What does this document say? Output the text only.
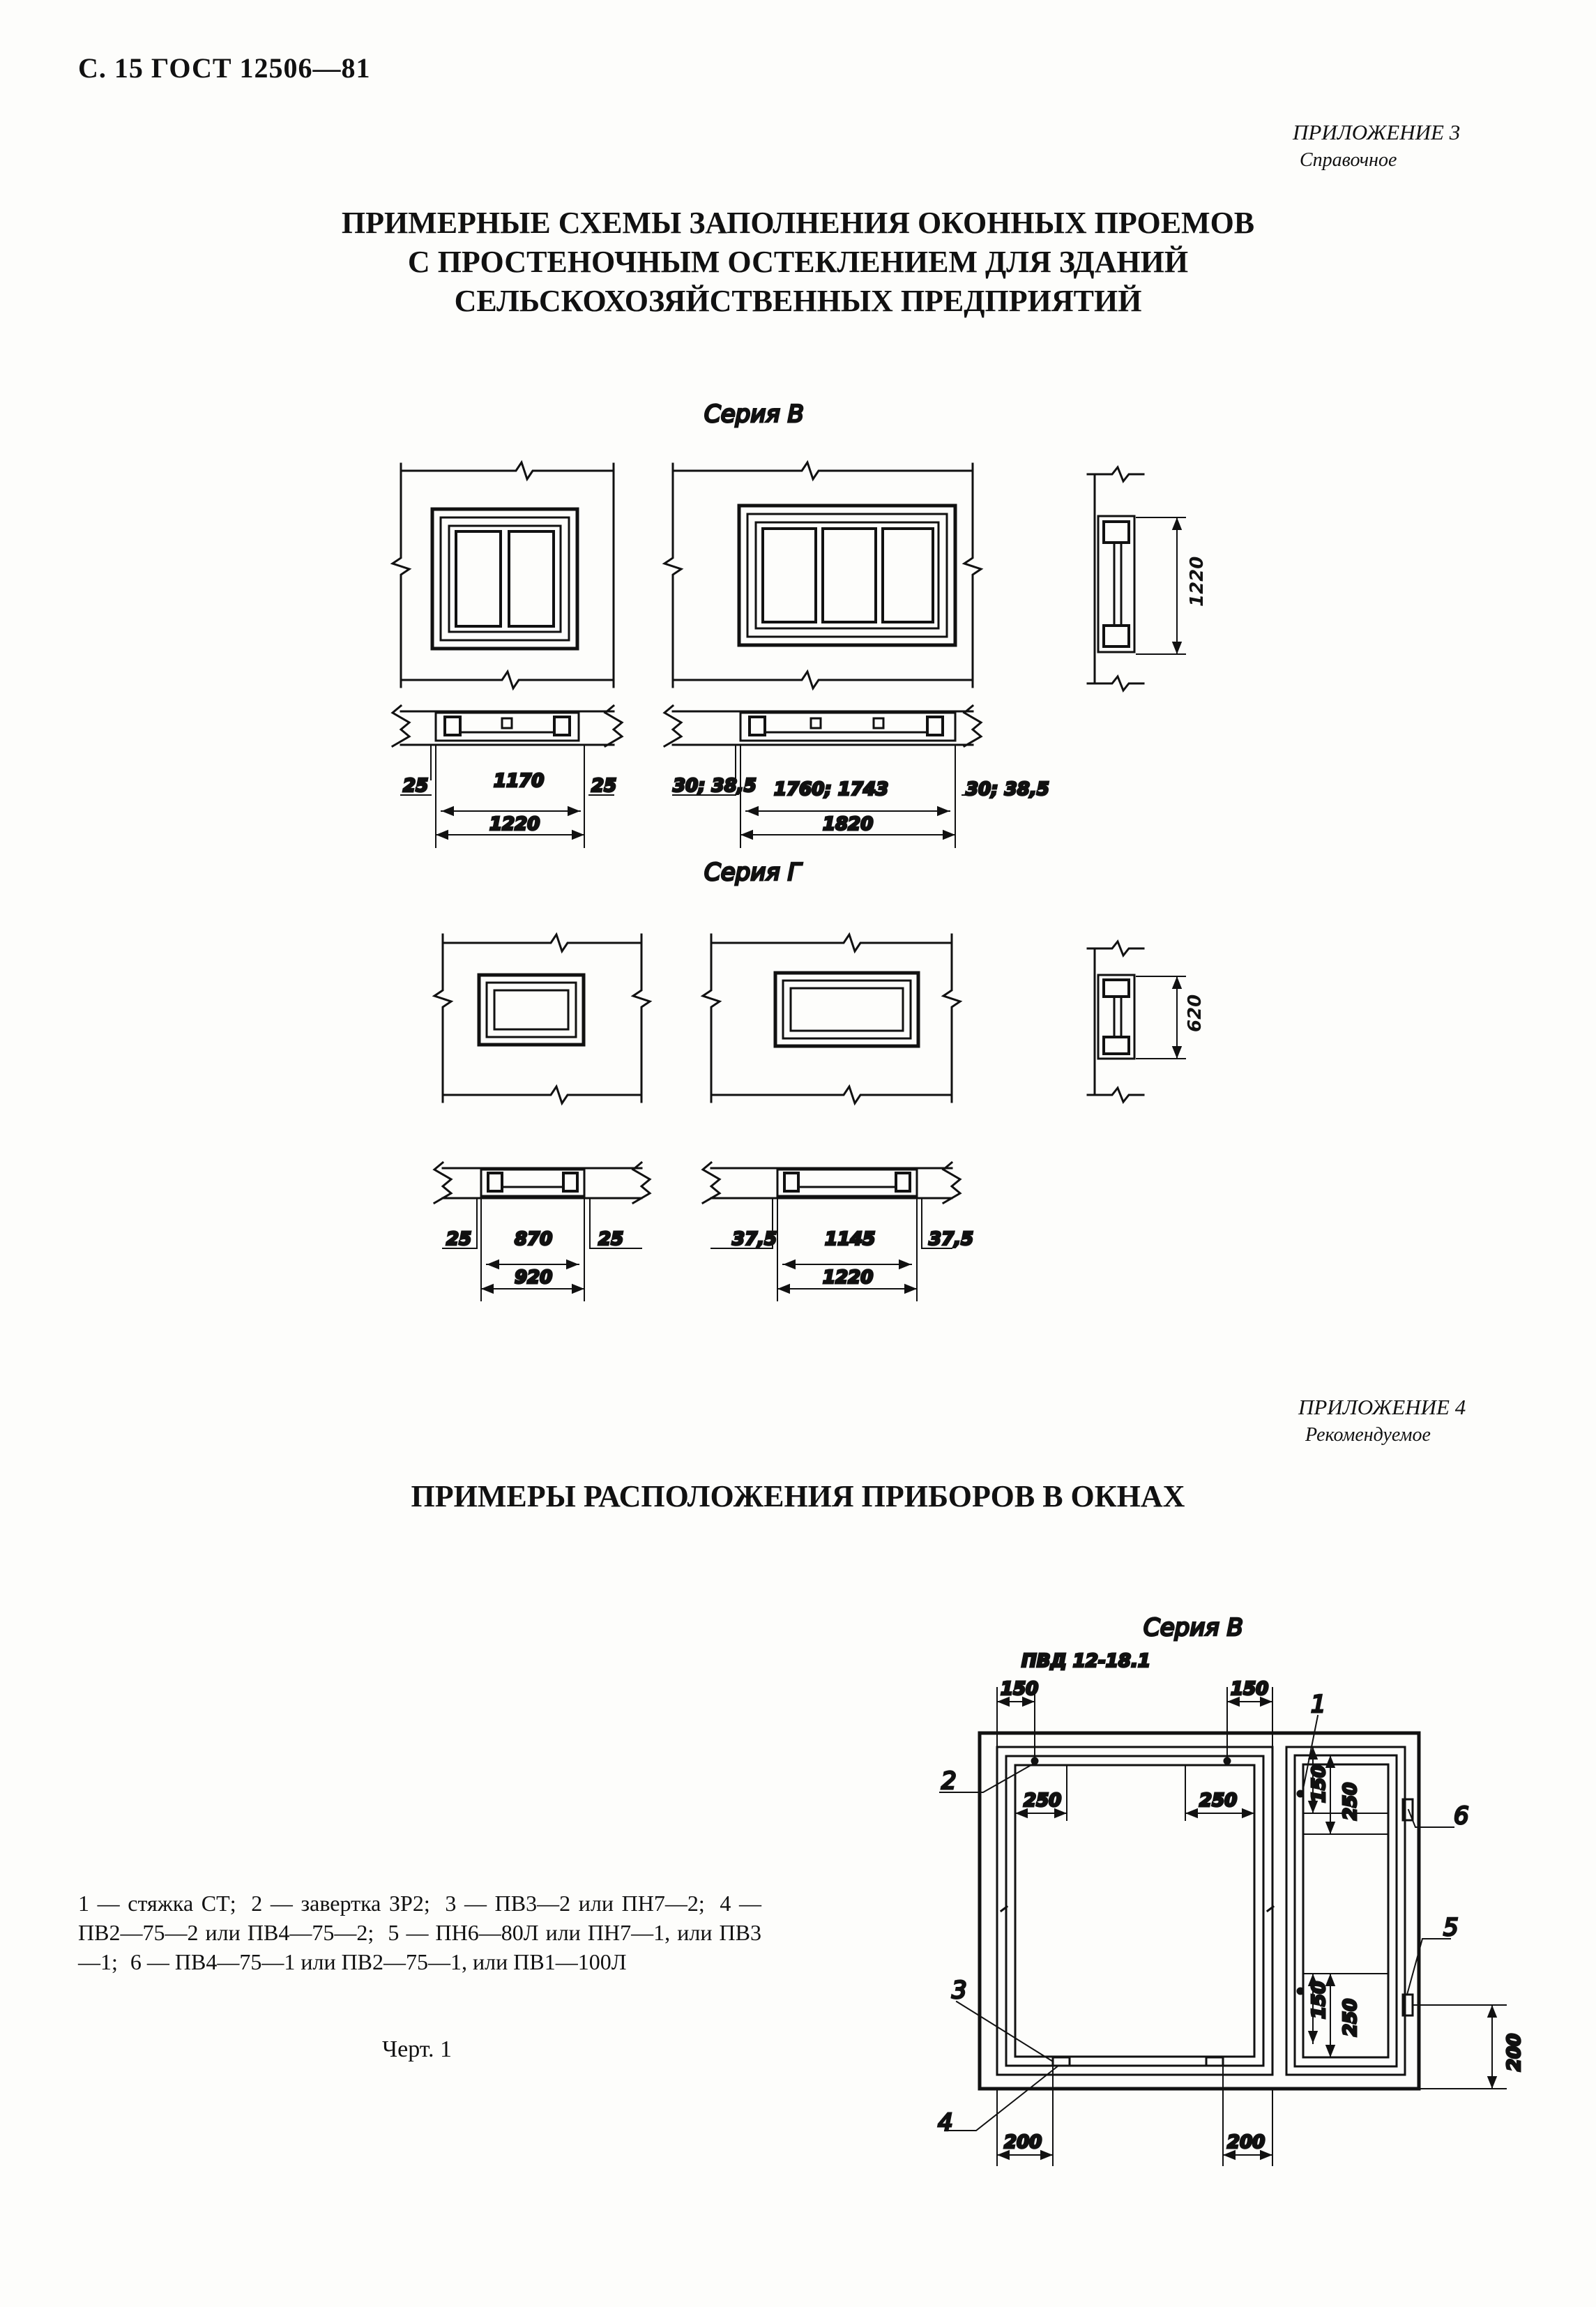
С. 15 ГОСТ 12506—81
ПРИЛОЖЕНИЕ 3
Справочное
ПРИМЕРНЫЕ СХЕМЫ ЗАПОЛНЕНИЯ ОКОННЫХ ПРОЕМОВ
С ПРОСТЕНОЧНЫМ ОСТЕКЛЕНИЕМ ДЛЯ ЗДАНИЙ
СЕЛЬСКОХОЗЯЙСТВЕННЫХ ПРЕДПРИЯТИЙ
Серия В
1220
25	1170	25
1220
30; 38,5 1760; 1743	30; 38,5
1820
Серия Г
620
25 870	25
920
37,5	1145	37,5
1220
Серия В
ПВД 12-18.1
150	150
250	250	150 250
150 250
200	200
200
1
2
3
4
5
6
ПРИЛОЖЕНИЕ 4
Рекомендуемое
ПРИМЕРЫ РАСПОЛОЖЕНИЯ ПРИБОРОВ В ОКНАХ
1 — стяжка СТ; 2 — завертка ЗР2; 3 — ПВ3—2 или ПН7—2; 4 — ПВ2—75—2 или ПВ4—75—2; 5 — ПН6—80Л или ПН7—1, или ПВ3—1; 6 — ПВ4—75—1 или ПВ2—75—1, или ПВ1—100Л
Черт. 1
